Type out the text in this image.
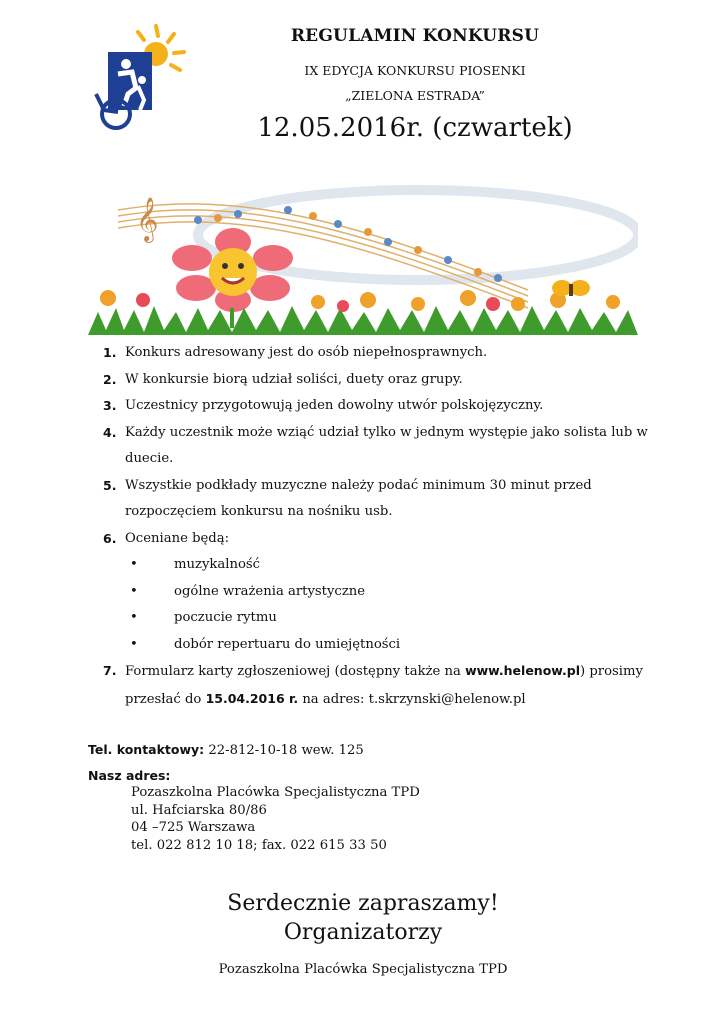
REGULAMIN KONKURSU
IX EDYCJA KONKURSU PIOSENKI
„ZIELONA ESTRADA”
12.05.2016r. (czwartek)
𝄞
1. Konkurs adresowany jest do osób niepełnosprawnych.
2. W konkursie biorą udział soliści, duety oraz grupy.
3. Uczestnicy przygotowują jeden dowolny utwór polskojęzyczny.
4. Każdy uczestnik może wziąć udział tylko w jednym występie jako solista lub w duecie.
5. Wszystkie podkłady muzyczne należy podać minimum 30 minut przed rozpoczęciem konkursu na nośniku usb.
6. Oceniane będą:
•	muzykalność
•	ogólne wrażenia artystyczne
•	poczucie rytmu
•	dobór repertuaru do umiejętności
7. Formularz karty zgłoszeniowej (dostępny także na www.helenow.pl) prosimy przesłać do 15.04.2016 r. na adres: t.skrzynski@helenow.pl
Tel. kontaktowy: 22-812-10-18 wew. 125
Nasz adres:
Pozaszkolna Placówka Specjalistyczna TPD
ul. Hafciarska 80/86
04 –725 Warszawa
tel. 022 812 10 18; fax. 022 615 33 50
Serdecznie zapraszamy!
Organizatorzy
Pozaszkolna Placówka Specjalistyczna TPD
